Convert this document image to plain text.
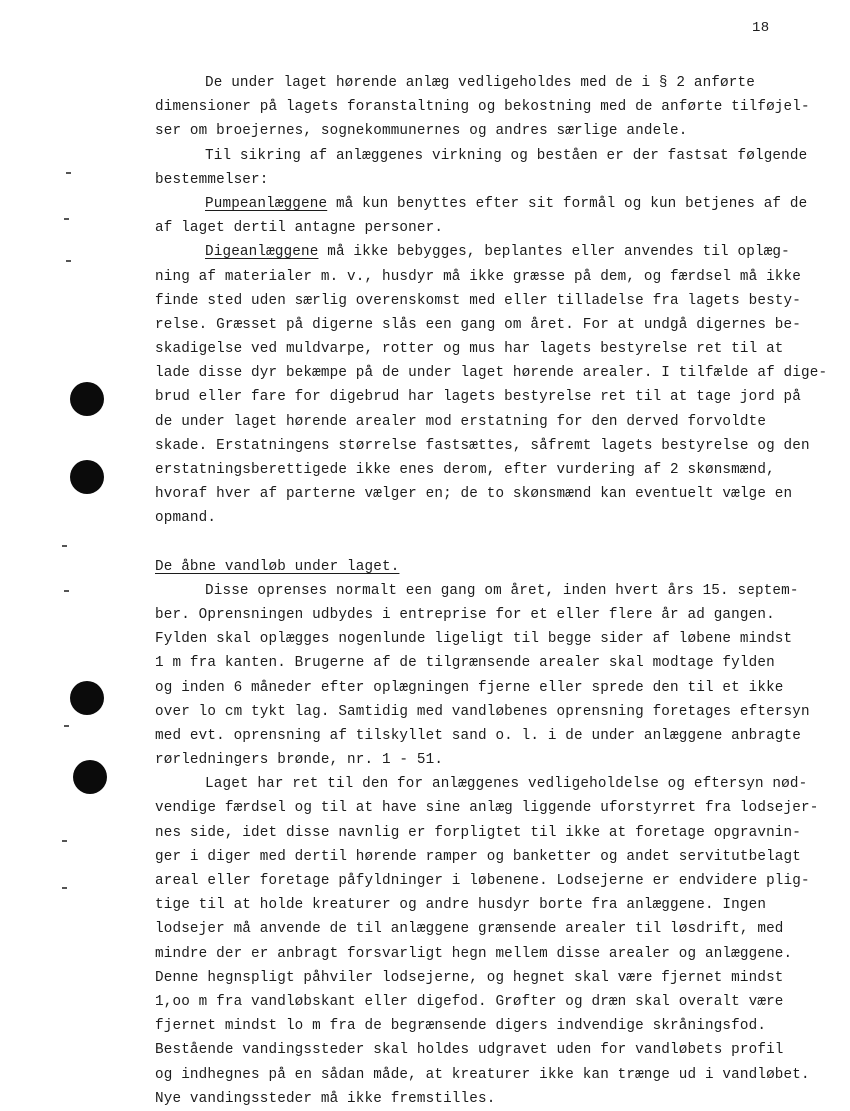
18
De under laget hørende anlæg vedligeholdes med de i § 2 anførte
dimensioner på lagets foranstaltning og bekostning med de anførte tilføjel-
ser om broejernes, sognekommunernes og andres særlige andele.
Til sikring af anlæggenes virkning og beståen er der fastsat følgende
bestemmelser:
Pumpeanlæggene må kun benyttes efter sit formål og kun betjenes af de
af laget dertil antagne personer.
Digeanlæggene må ikke bebygges, beplantes eller anvendes til oplæg-
ning af materialer m. v., husdyr må ikke græsse på dem, og færdsel må ikke
finde sted uden særlig overenskomst med eller tilladelse fra lagets besty-
relse. Græsset på digerne slås een gang om året. For at undgå digernes be-
skadigelse ved muldvarpe, rotter og mus har lagets bestyrelse ret til at
lade disse dyr bekæmpe på de under laget hørende arealer. I tilfælde af dige-
brud eller fare for digebrud har lagets bestyrelse ret til at tage jord på
de under laget hørende arealer mod erstatning for den derved forvoldte
skade. Erstatningens størrelse fastsættes, såfremt lagets bestyrelse og den
erstatningsberettigede ikke enes derom, efter vurdering af 2 skønsmænd,
hvoraf hver af parterne vælger en; de to skønsmænd kan eventuelt vælge en
opmand.
De åbne vandløb under laget.
Disse oprenses normalt een gang om året, inden hvert års 15. septem-
ber. Oprensningen udbydes i entreprise for et eller flere år ad gangen.
Fylden skal oplægges nogenlunde ligeligt til begge sider af løbene mindst
1 m fra kanten. Brugerne af de tilgrænsende arealer skal modtage fylden
og inden 6 måneder efter oplægningen fjerne eller sprede den til et ikke
over lo cm tykt lag. Samtidig med vandløbenes oprensning foretages eftersyn
med evt. oprensning af tilskyllet sand o. l. i de under anlæggene anbragte
rørledningers brønde, nr. 1 - 51.
Laget har ret til den for anlæggenes vedligeholdelse og eftersyn nød-
vendige færdsel og til at have sine anlæg liggende uforstyrret fra lodsejer-
nes side, idet disse navnlig er forpligtet til ikke at foretage opgravnin-
ger i diger med dertil hørende ramper og banketter og andet servitutbelagt
areal eller foretage påfyldninger i løbenene. Lodsejerne er endvidere plig-
tige til at holde kreaturer og andre husdyr borte fra anlæggene. Ingen
lodsejer må anvende de til anlæggene grænsende arealer til løsdrift, med
mindre der er anbragt forsvarligt hegn mellem disse arealer og anlæggene.
Denne hegnspligt påhviler lodsejerne, og hegnet skal være fjernet mindst
1,oo m fra vandløbskant eller digefod. Grøfter og dræn skal overalt være
fjernet mindst lo m fra de begrænsende digers indvendige skråningsfod.
Bestående vandingssteder skal holdes udgravet uden for vandløbets profil
og indhegnes på en sådan måde, at kreaturer ikke kan trænge ud i vandløbet.
Nye vandingssteder må ikke fremstilles.
